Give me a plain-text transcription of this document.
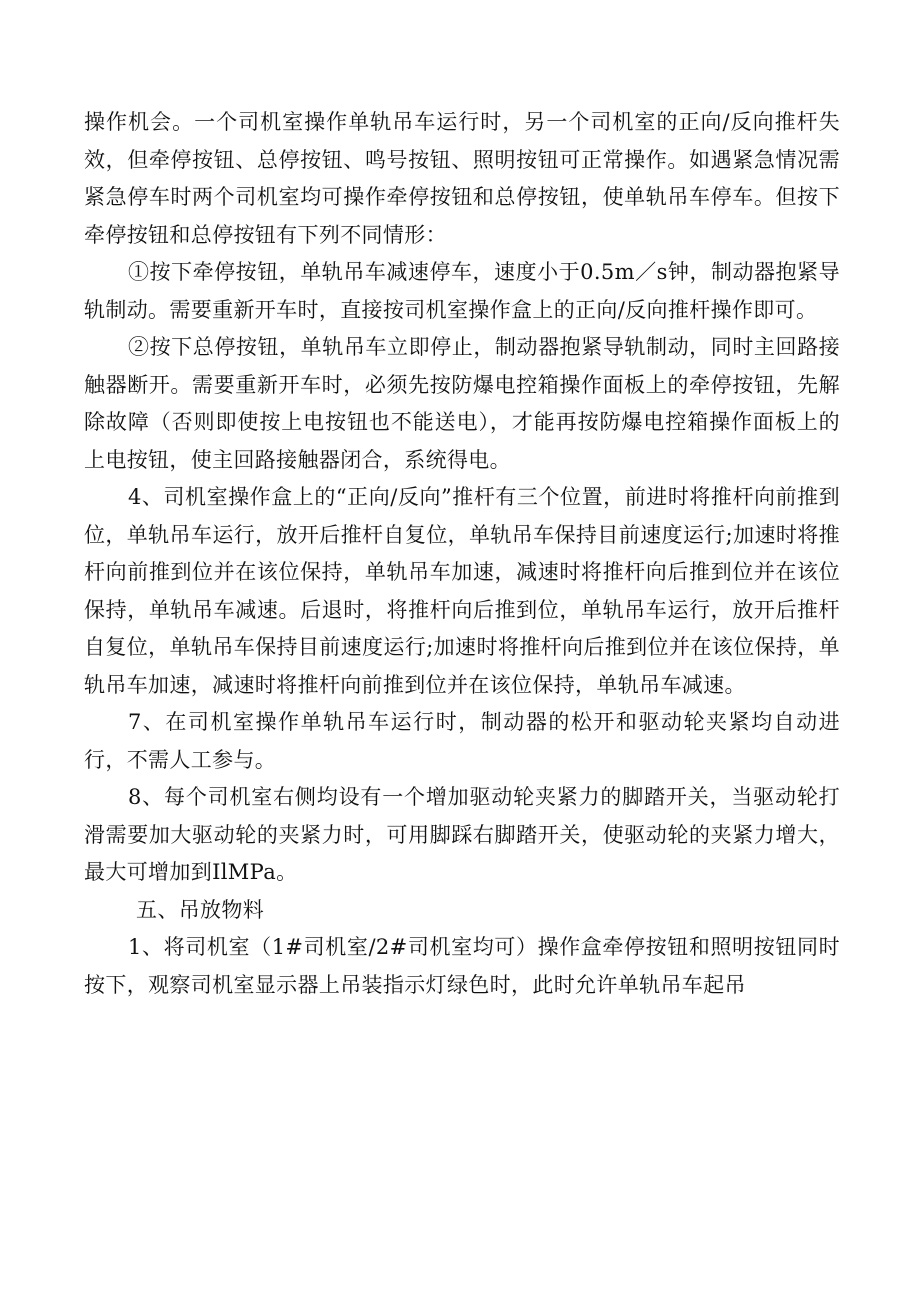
操作机会。一个司机室操作单轨吊车运行时，另一个司机室的正向/反向推杆失效，但牵停按钮、总停按钮、鸣号按钮、照明按钮可正常操作。如遇紧急情况需紧急停车时两个司机室均可操作牵停按钮和总停按钮，使单轨吊车停车。但按下牵停按钮和总停按钮有下列不同情形：

①按下牵停按钮，单轨吊车减速停车，速度小于0.5m／s钟，制动器抱紧导轨制动。需要重新开车时，直接按司机室操作盒上的正向/反向推杆操作即可。

②按下总停按钮，单轨吊车立即停止，制动器抱紧导轨制动，同时主回路接触器断开。需要重新开车时，必须先按防爆电控箱操作面板上的牵停按钮，先解除故障（否则即使按上电按钮也不能送电），才能再按防爆电控箱操作面板上的上电按钮，使主回路接触器闭合，系统得电。

4、司机室操作盒上的“正向/反向”推杆有三个位置，前进时将推杆向前推到位，单轨吊车运行，放开后推杆自复位，单轨吊车保持目前速度运行;加速时将推杆向前推到位并在该位保持，单轨吊车加速，减速时将推杆向后推到位并在该位保持，单轨吊车减速。后退时，将推杆向后推到位，单轨吊车运行，放开后推杆自复位，单轨吊车保持目前速度运行;加速时将推杆向后推到位并在该位保持，单轨吊车加速，减速时将推杆向前推到位并在该位保持，单轨吊车减速。

7、在司机室操作单轨吊车运行时，制动器的松开和驱动轮夹紧均自动进行，不需人工参与。

8、每个司机室右侧均设有一个增加驱动轮夹紧力的脚踏开关，当驱动轮打滑需要加大驱动轮的夹紧力时，可用脚踩右脚踏开关，使驱动轮的夹紧力增大，最大可增加到IlMPa。

五、吊放物料

1、将司机室（1#司机室/2#司机室均可）操作盒牵停按钮和照明按钮同时按下，观察司机室显示器上吊装指示灯绿色时，此时允许单轨吊车起吊
